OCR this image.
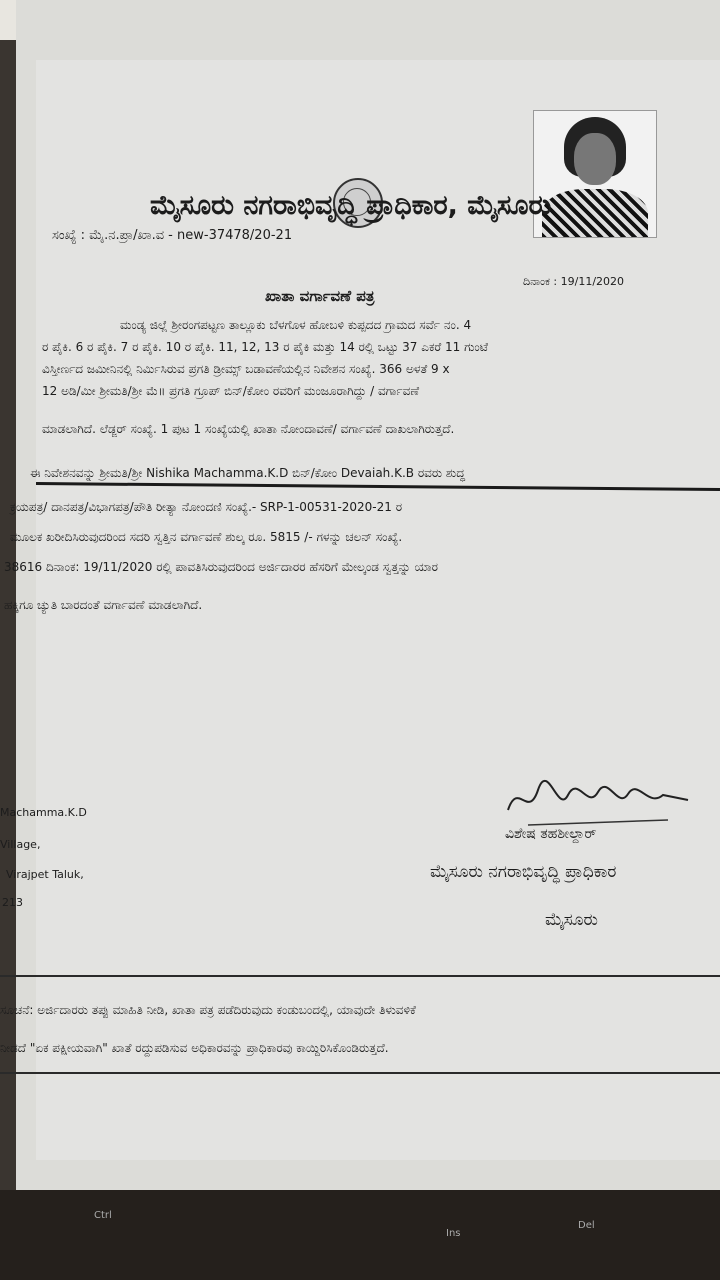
ಮೈಸೂರು ನಗರಾಭಿವೃದ್ಧಿ ಪ್ರಾಧಿಕಾರ, ಮೈಸೂರು
ಸಂಖ್ಯೆ : ಮೈ.ನ.ಪ್ರಾ/ಖಾ.ವ - new-37478/20-21
ದಿನಾಂಕ : 19/11/2020
ಖಾತಾ ವರ್ಗಾವಣೆ ಪತ್ರ
ಮಂಡ್ಯ ಜಿಲ್ಲೆ ಶ್ರೀರಂಗಪಟ್ಟಣ ತಾಲ್ಲೂಕು ಬೆಳಗೊಳ ಹೋಬಳಿ ಕುಪ್ಪದದ ಗ್ರಾಮದ ಸರ್ವೆ ನಂ. 4
ರ ಪೈಕಿ. 6 ರ ಪೈಕಿ. 7 ರ ಪೈಕಿ. 10 ರ ಪೈಕಿ. 11, 12, 13 ರ ಪೈಕಿ ಮತ್ತು 14 ರಲ್ಲಿ ಒಟ್ಟು 37 ಎಕರೆ 11 ಗುಂಟೆ
ವಿಸ್ತೀರ್ಣದ ಜಮೀನಿನಲ್ಲಿ ನಿರ್ಮಿಸಿರುವ ಪ್ರಗತಿ ಡ್ರೀಮ್ಸ್ ಬಡಾವಣೆಯಲ್ಲಿನ ನಿವೇಶನ ಸಂಖ್ಯೆ. 366 ಅಳತೆ 9 x
12 ಅಡಿ/ಮೀ ಶ್ರೀಮತಿ/ಶ್ರೀ ಮೆ॥ ಪ್ರಗತಿ ಗ್ರೂಪ್ ಬಿನ್/ಕೋಂ ರವರಿಗೆ ಮಂಜೂರಾಗಿದ್ದು / ವರ್ಗಾವಣೆ
ಮಾಡಲಾಗಿದೆ. ಲೆಡ್ಜರ್ ಸಂಖ್ಯೆ. 1 ಪುಟ 1 ಸಂಖ್ಯೆಯಲ್ಲಿ ಖಾತಾ ನೋಂದಾವಣೆ/ ವರ್ಗಾವಣೆ ದಾಖಲಾಗಿರುತ್ತದೆ.
ಈ ನಿವೇಶನವನ್ನು ಶ್ರೀಮತಿ/ಶ್ರೀ Nishika Machamma.K.D ಬಿನ್/ಕೋಂ Devaiah.K.B ರವರು ಶುದ್ಧ
ಕ್ರಯಪತ್ರ/ ದಾನಪತ್ರ/ವಿಭಾಗಪತ್ರ/ಪೌತಿ ರೀತ್ಯಾ ನೋಂದಣಿ ಸಂಖ್ಯೆ.- SRP-1-00531-2020-21 ರ
ಮೂಲಕ ಖರೀದಿಸಿರುವುದರಿಂದ ಸದರಿ ಸ್ವತ್ತಿನ ವರ್ಗಾವಣೆ ಶುಲ್ಕ ರೂ. 5815 /- ಗಳನ್ನು ಚಲನ್ ಸಂಖ್ಯೆ.
38616 ದಿನಾಂಕ: 19/11/2020 ರಲ್ಲಿ ಪಾವತಿಸಿರುವುದರಿಂದ ಅರ್ಜಿದಾರರ ಹೆಸರಿಗೆ ಮೇಲ್ಕಂಡ ಸ್ವತ್ತನ್ನು ಯಾರ
ಹಕ್ಕಿಗೂ ಚ್ಯುತಿ ಬಾರದಂತೆ ವರ್ಗಾವಣೆ ಮಾಡಲಾಗಿದೆ.
Machamma.K.D
Village,
Virajpet Taluk,
213
ವಿಶೇಷ ತಹಶೀಲ್ದಾರ್
ಮೈಸೂರು ನಗರಾಭಿವೃದ್ಧಿ ಪ್ರಾಧಿಕಾರ
ಮೈಸೂರು
ಸೂಚನೆ: ಅರ್ಜಿದಾರರು ತಪ್ಪು ಮಾಹಿತಿ ನೀಡಿ, ಖಾತಾ ಪತ್ರ ಪಡೆದಿರುವುದು ಕಂಡುಬಂದಲ್ಲಿ, ಯಾವುದೇ ತಿಳುವಳಿಕೆ
ನೀಡದೆ "ಏಕ ಪಕ್ಷೀಯವಾಗಿ" ಖಾತೆ ರದ್ದುಪಡಿಸುವ ಅಧಿಕಾರವನ್ನು ಪ್ರಾಧಿಕಾರವು ಕಾಯ್ದಿರಿಸಿಕೊಂಡಿರುತ್ತದೆ.
Ctrl
Ins
Del
